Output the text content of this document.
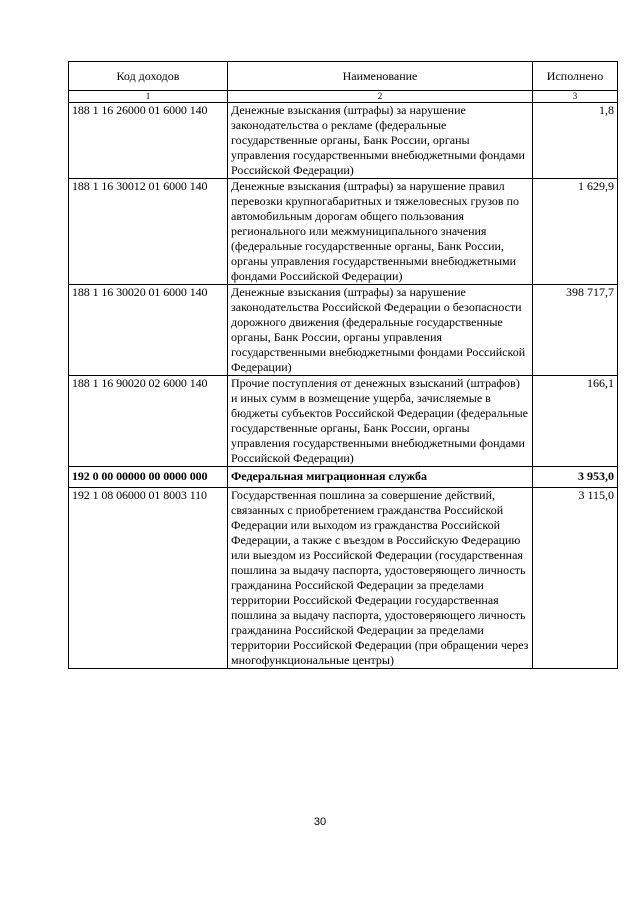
Код доходов	Наименование	Исполнено
1	2	3
188 1 16 26000 01 6000 140	Денежные взыскания (штрафы) за нарушение законодательства о рекламе (федеральные государственные органы, Банк России, органы управления государственными внебюджетными фондами Российской Федерации)	1,8
188 1 16 30012 01 6000 140	Денежные взыскания (штрафы) за нарушение правил перевозки крупногабаритных и тяжеловесных грузов по автомобильным дорогам общего пользования регионального или межмуниципального значения (федеральные государственные органы, Банк России, органы управления государственными внебюджетными фондами Российской Федерации)	1 629,9
188 1 16 30020 01 6000 140	Денежные взыскания (штрафы) за нарушение законодательства Российской Федерации о безопасности дорожного движения (федеральные государственные органы, Банк России, органы управления государственными внебюджетными фондами Российской Федерации)	398 717,7
188 1 16 90020 02 6000 140	Прочие поступления от денежных взысканий (штрафов) и иных сумм в возмещение ущерба, зачисляемые в бюджеты субъектов Российской Федерации (федеральные государственные органы, Банк России, органы управления государственными внебюджетными фондами Российской Федерации)	166,1
192 0 00 00000 00 0000 000	Федеральная миграционная служба	3 953,0
192 1 08 06000 01 8003 110	Государственная пошлина за совершение действий, связанных с приобретением гражданства Российской Федерации или выходом из гражданства Российской Федерации, а также с въездом в Российскую Федерацию или выездом из Российской Федерации (государственная пошлина за выдачу паспорта, удостоверяющего личность гражданина Российской Федерации за пределами территории Российской Федерации государственная пошлина за выдачу паспорта, удостоверяющего личность гражданина Российской Федерации за пределами территории Российской Федерации (при обращении через многофункциональные центры)	3 115,0
30
